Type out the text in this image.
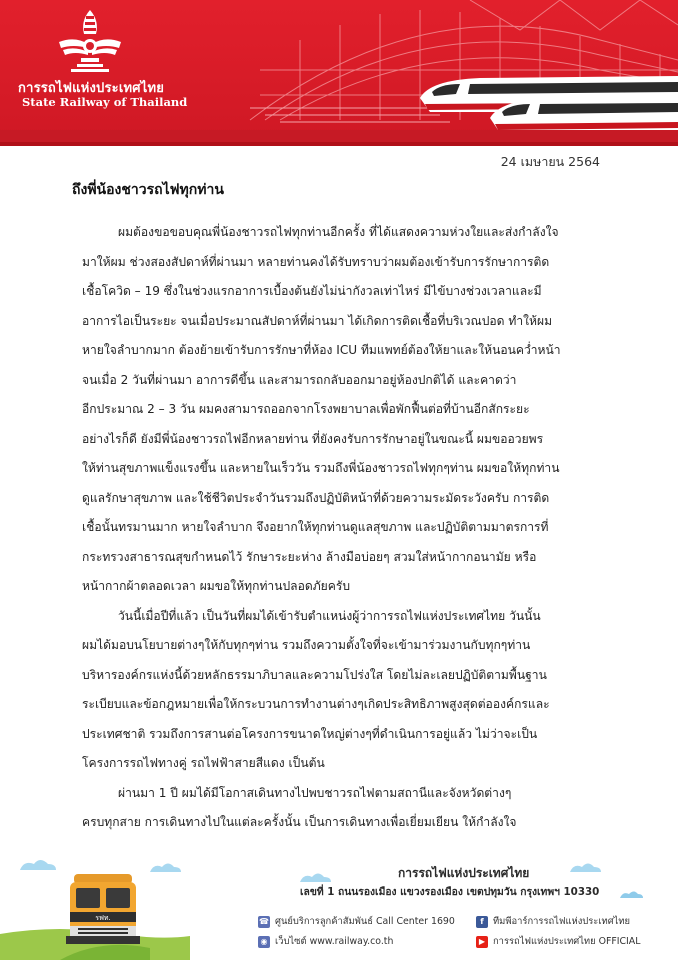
การรถไฟแห่งประเทศไทย
State Railway of Thailand
24 เมษายน 2564
ถึงพี่น้องชาวรถไฟทุกท่าน
ผมต้องขอขอบคุณพี่น้องชาวรถไฟทุกท่านอีกครั้ง ที่ได้แสดงความห่วงใยและส่งกำลังใจ
มาให้ผม ช่วงสองสัปดาห์ที่ผ่านมา หลายท่านคงได้รับทราบว่าผมต้องเข้ารับการรักษาการติด
เชื้อโควิด – 19 ซึ่งในช่วงแรกอาการเบื้องต้นยังไม่น่ากังวลเท่าไหร่ มีไข้บางช่วงเวลาและมี
อาการไอเป็นระยะ จนเมื่อประมาณสัปดาห์ที่ผ่านมา ได้เกิดการติดเชื้อที่บริเวณปอด ทำให้ผม
หายใจลำบากมาก ต้องย้ายเข้ารับการรักษาที่ห้อง ICU ทีมแพทย์ต้องให้ยาและให้นอนคว่ำหน้า
จนเมื่อ 2 วันที่ผ่านมา อาการดีขึ้น และสามารถกลับออกมาอยู่ห้องปกติได้ และคาดว่า
อีกประมาณ 2 – 3 วัน ผมคงสามารถออกจากโรงพยาบาลเพื่อพักฟื้นต่อที่บ้านอีกสักระยะ
อย่างไรก็ดี ยังมีพี่น้องชาวรถไฟอีกหลายท่าน ที่ยังคงรับการรักษาอยู่ในขณะนี้ ผมขออวยพร
ให้ท่านสุขภาพแข็งแรงขึ้น และหายในเร็ววัน รวมถึงพี่น้องชาวรถไฟทุกๆท่าน ผมขอให้ทุกท่าน
ดูแลรักษาสุขภาพ และใช้ชีวิตประจำวันรวมถึงปฏิบัติหน้าที่ด้วยความระมัดระวังครับ การติด
เชื้อนั้นทรมานมาก หายใจลำบาก จึงอยากให้ทุกท่านดูแลสุขภาพ และปฏิบัติตามมาตรการที่
กระทรวงสาธารณสุขกำหนดไว้ รักษาระยะห่าง ล้างมือบ่อยๆ สวมใส่หน้ากากอนามัย หรือ
หน้ากากผ้าตลอดเวลา ผมขอให้ทุกท่านปลอดภัยครับ
วันนี้เมื่อปีที่แล้ว เป็นวันที่ผมได้เข้ารับตำแหน่งผู้ว่าการรถไฟแห่งประเทศไทย วันนั้น
ผมได้มอบนโยบายต่างๆให้กับทุกๆท่าน รวมถึงความตั้งใจที่จะเข้ามาร่วมงานกับทุกๆท่าน
บริหารองค์กรแห่งนี้ด้วยหลักธรรมาภิบาลและความโปร่งใส โดยไม่ละเลยปฏิบัติตามพื้นฐาน
ระเบียบและข้อกฎหมายเพื่อให้กระบวนการทำงานต่างๆเกิดประสิทธิภาพสูงสุดต่อองค์กรและ
ประเทศชาติ รวมถึงการสานต่อโครงการขนาดใหญ่ต่างๆที่ดำเนินการอยู่แล้ว ไม่ว่าจะเป็น
โครงการรถไฟทางคู่ รถไฟฟ้าสายสีแดง เป็นต้น
ผ่านมา 1 ปี ผมได้มีโอกาสเดินทางไปพบชาวรถไฟตามสถานีและจังหวัดต่างๆ
ครบทุกสาย การเดินทางไปในแต่ละครั้งนั้น เป็นการเดินทางเพื่อเยี่ยมเยียน ให้กำลังใจ
รฟท.
การรถไฟแห่งประเทศไทย
เลขที่ 1 ถนนรองเมือง แขวงรองเมือง เขตปทุมวัน กรุงเทพฯ 10330
☎ ศูนย์บริการลูกค้าสัมพันธ์ Call Center 1690
◉ เว็บไซต์ www.railway.co.th
f ทีมพีอาร์การรถไฟแห่งประเทศไทย
▶ การรถไฟแห่งประเทศไทย OFFICIAL
